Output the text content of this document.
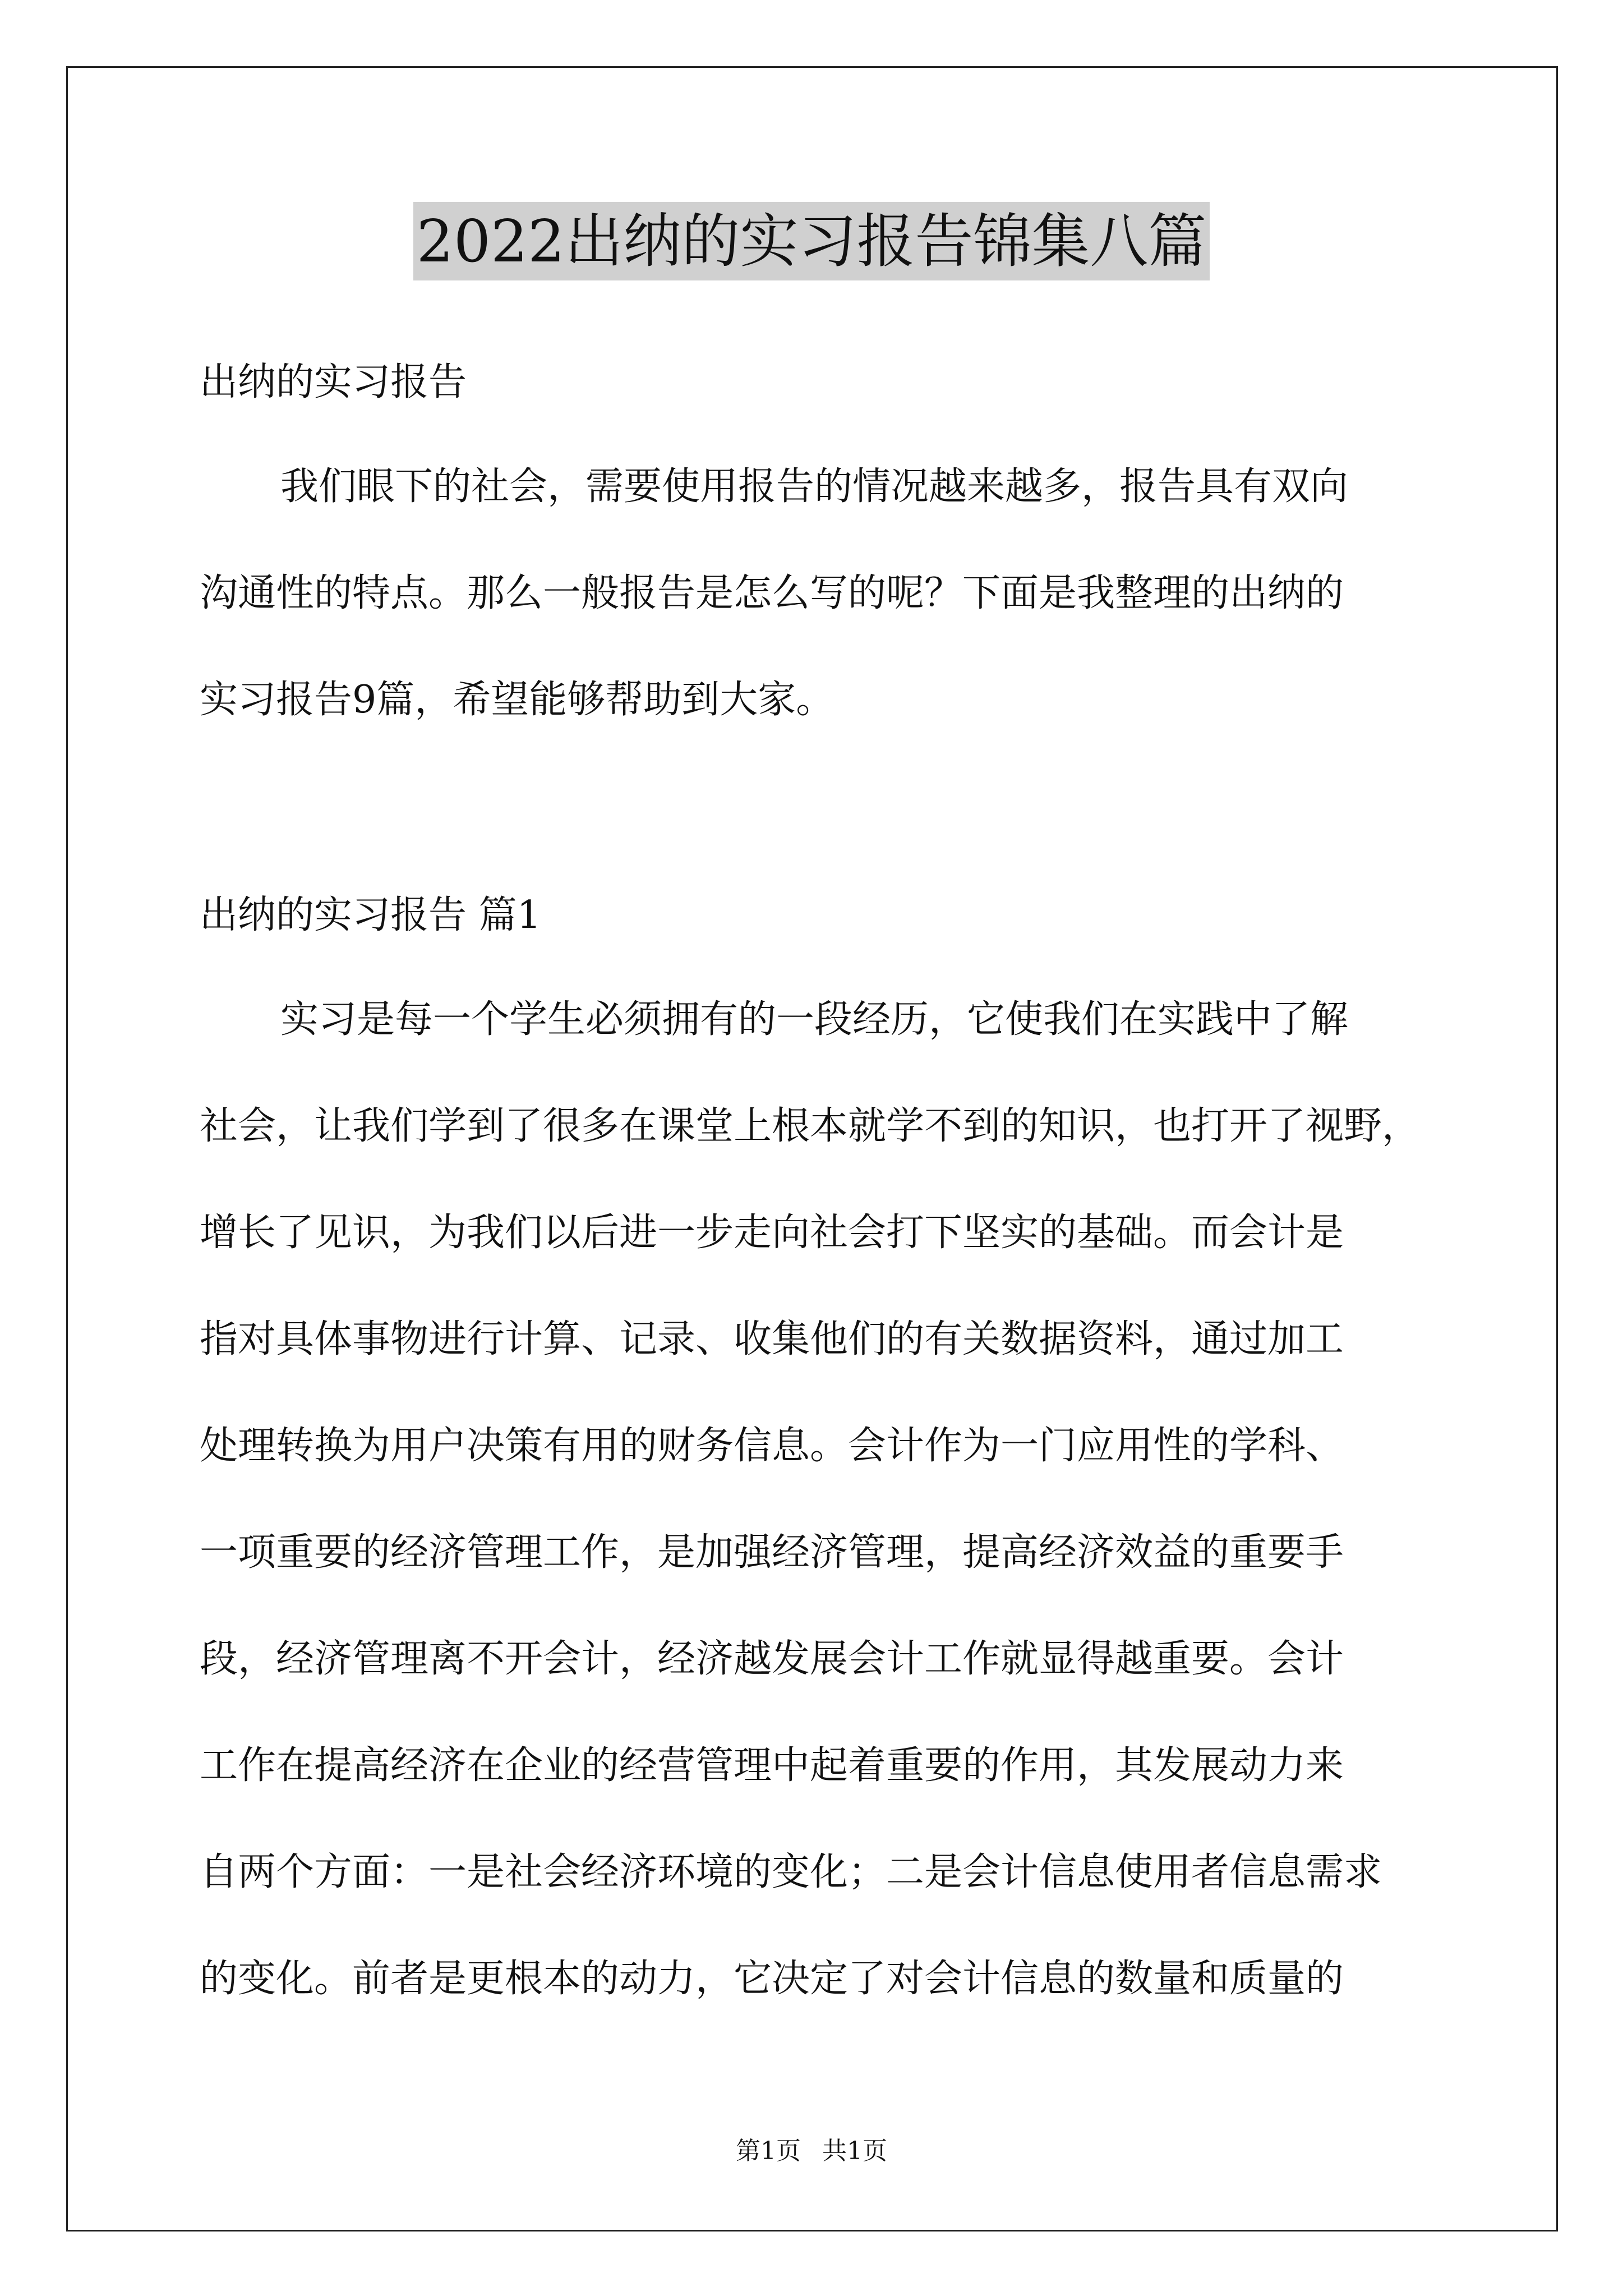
2022出纳的实习报告锦集八篇
出纳的实习报告
我们眼下的社会，需要使用报告的情况越来越多，报告具有双向
沟通性的特点。那么一般报告是怎么写的呢？下面是我整理的出纳的
实习报告9篇，希望能够帮助到大家。
出纳的实习报告 篇1
实习是每一个学生必须拥有的一段经历，它使我们在实践中了解
社会，让我们学到了很多在课堂上根本就学不到的知识，也打开了视野，
增长了见识，为我们以后进一步走向社会打下坚实的基础。而会计是
指对具体事物进行计算、记录、收集他们的有关数据资料，通过加工
处理转换为用户决策有用的财务信息。会计作为一门应用性的学科、
一项重要的经济管理工作，是加强经济管理，提高经济效益的重要手
段，经济管理离不开会计，经济越发展会计工作就显得越重要。会计
工作在提高经济在企业的经营管理中起着重要的作用，其发展动力来
自两个方面：一是社会经济环境的变化；二是会计信息使用者信息需求
的变化。前者是更根本的动力，它决定了对会计信息的数量和质量的
第1页 共1页
